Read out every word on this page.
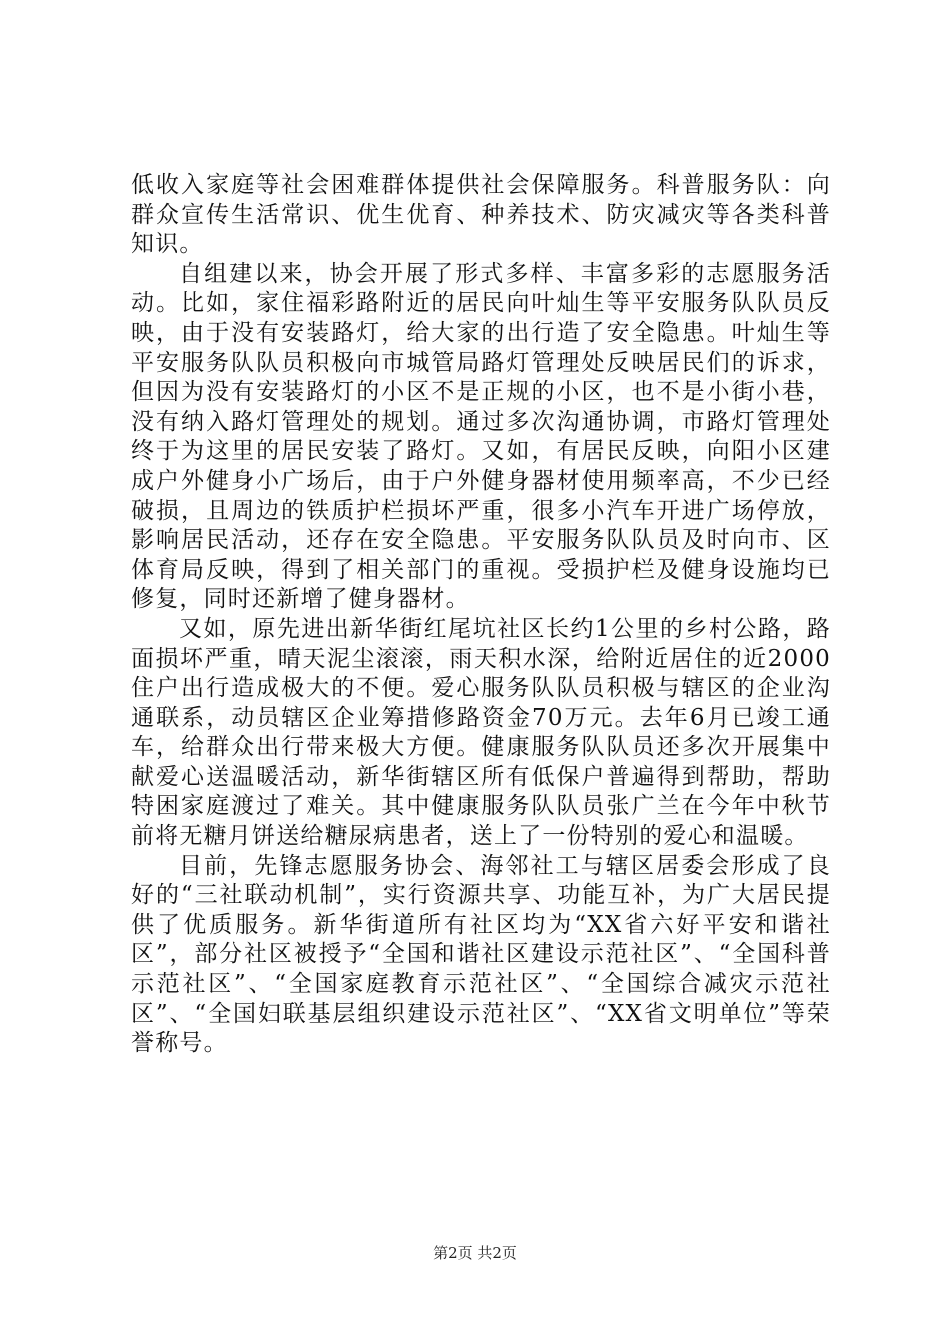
低收入家庭等社会困难群体提供社会保障服务。科普服务队：向群众宣传生活常识、优生优育、种养技术、防灾减灾等各类科普知识。

自组建以来，协会开展了形式多样、丰富多彩的志愿服务活动。比如，家住福彩路附近的居民向叶灿生等平安服务队队员反映，由于没有安装路灯，给大家的出行造了安全隐患。叶灿生等平安服务队队员积极向市城管局路灯管理处反映居民们的诉求，但因为没有安装路灯的小区不是正规的小区，也不是小街小巷，没有纳入路灯管理处的规划。通过多次沟通协调，市路灯管理处终于为这里的居民安装了路灯。又如，有居民反映，向阳小区建成户外健身小广场后，由于户外健身器材使用频率高，不少已经破损，且周边的铁质护栏损坏严重，很多小汽车开进广场停放，影响居民活动，还存在安全隐患。平安服务队队员及时向市、区体育局反映，得到了相关部门的重视。受损护栏及健身设施均已修复，同时还新增了健身器材。

又如，原先进出新华街红尾坑社区长约1公里的乡村公路，路面损坏严重，晴天泥尘滚滚，雨天积水深，给附近居住的近2000住户出行造成极大的不便。爱心服务队队员积极与辖区的企业沟通联系，动员辖区企业筹措修路资金70万元。去年6月已竣工通车，给群众出行带来极大方便。健康服务队队员还多次开展集中献爱心送温暖活动，新华街辖区所有低保户普遍得到帮助，帮助特困家庭渡过了难关。其中健康服务队队员张广兰在今年中秋节前将无糖月饼送给糖尿病患者，送上了一份特别的爱心和温暖。

目前，先锋志愿服务协会、海邻社工与辖区居委会形成了良好的“三社联动机制”，实行资源共享、功能互补，为广大居民提供了优质服务。新华街道所有社区均为“XX省六好平安和谐社区”，部分社区被授予“全国和谐社区建设示范社区”、“全国科普示范社区”、“全国家庭教育示范社区”、“全国综合减灾示范社区”、“全国妇联基层组织建设示范社区”、“XX省文明单位”等荣誉称号。

第2页 共2页
